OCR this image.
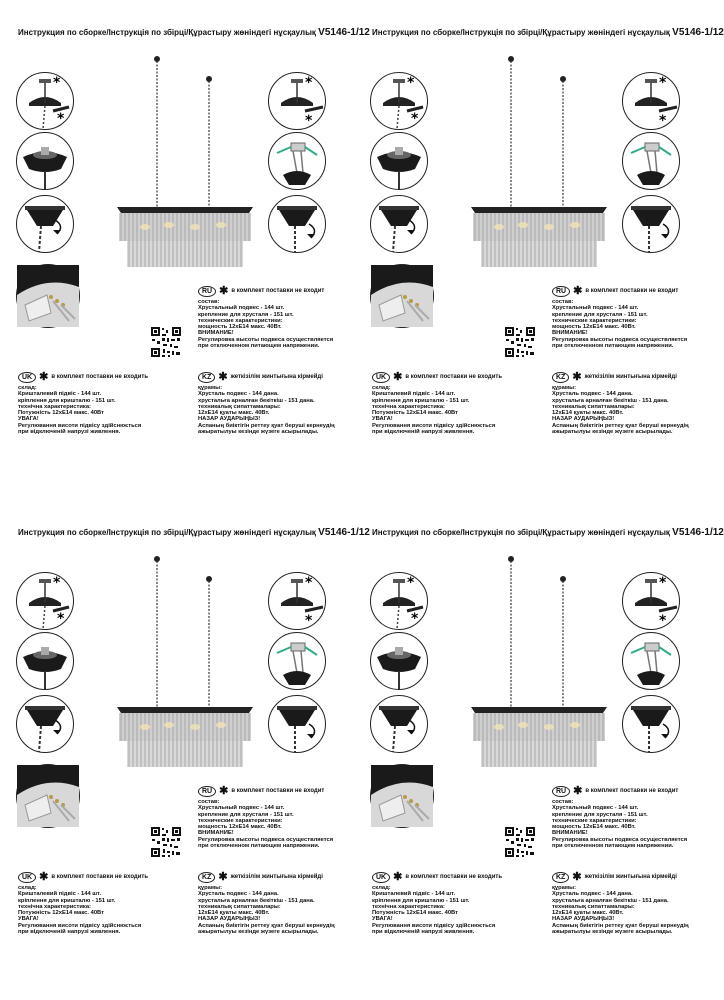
Инструкция по сборке/Інструкція по збірці/Құрастыру жөніндегі нұсқаулық V5146-1/12
*
*
*
*
RU ✱ в комплект поставки не входит
состав:
Хрустальный подвес - 144 шт.
крепление для хрусталя - 151 шт.
технические характеристики:
мощность 12хЕ14 макс. 40Вт.
ВНИМАНИЕ!
Регулировка высоты подвеса осуществляется
при отключенном питающем напряжении.
UK ✱ в комплект поставки не входить
склад:
Кришталевий підвіс - 144 шт.
кріплення для кришталю - 151 шт.
технічна характеристика:
Потужність 12хЕ14 макс. 40Вт
УВАГА!
Регулювання висоти підвісу здійснюється
при відключеній напрузі живлення.
KZ ✱ жеткізілім жинтығына кірмейді
құрамы:
Хрусталь подвес - 144 дана.
хрустальға арналған бекіткіш - 151 дана.
техникалық сипаттамалары:
12хЕ14 қуаты макс. 40Вт.
НАЗАР АУДАРЫҢЫЗ!
Аспаның биіктігін реттеу қуат беруші кернеудің
ажыратылуы кезінде жүзеге асырылады.
Инструкция по сборке/Інструкція по збірці/Құрастыру жөніндегі нұсқаулық V5146-1/12
*
*
*
*
RU ✱ в комплект поставки не входит
состав:
Хрустальный подвес - 144 шт.
крепление для хрусталя - 151 шт.
технические характеристики:
мощность 12хЕ14 макс. 40Вт.
ВНИМАНИЕ!
Регулировка высоты подвеса осуществляется
при отключенном питающем напряжении.
UK ✱ в комплект поставки не входить
склад:
Кришталевий підвіс - 144 шт.
кріплення для кришталю - 151 шт.
технічна характеристика:
Потужність 12хЕ14 макс. 40Вт
УВАГА!
Регулювання висоти підвісу здійснюється
при відключеній напрузі живлення.
KZ ✱ жеткізілім жинтығына кірмейді
құрамы:
Хрусталь подвес - 144 дана.
хрустальға арналған бекіткіш - 151 дана.
техникалық сипаттамалары:
12хЕ14 қуаты макс. 40Вт.
НАЗАР АУДАРЫҢЫЗ!
Аспаның биіктігін реттеу қуат беруші кернеудің
ажыратылуы кезінде жүзеге асырылады.
Инструкция по сборке/Інструкція по збірці/Құрастыру жөніндегі нұсқаулық V5146-1/12
*
*
*
*
RU ✱ в комплект поставки не входит
состав:
Хрустальный подвес - 144 шт.
крепление для хрусталя - 151 шт.
технические характеристики:
мощность 12хЕ14 макс. 40Вт.
ВНИМАНИЕ!
Регулировка высоты подвеса осуществляется
при отключенном питающем напряжении.
UK ✱ в комплект поставки не входить
склад:
Кришталевий підвіс - 144 шт.
кріплення для кришталю - 151 шт.
технічна характеристика:
Потужність 12хЕ14 макс. 40Вт
УВАГА!
Регулювання висоти підвісу здійснюється
при відключеній напрузі живлення.
KZ ✱ жеткізілім жинтығына кірмейді
құрамы:
Хрусталь подвес - 144 дана.
хрустальға арналған бекіткіш - 151 дана.
техникалық сипаттамалары:
12хЕ14 қуаты макс. 40Вт.
НАЗАР АУДАРЫҢЫЗ!
Аспаның биіктігін реттеу қуат беруші кернеудің
ажыратылуы кезінде жүзеге асырылады.
Инструкция по сборке/Інструкція по збірці/Құрастыру жөніндегі нұсқаулық V5146-1/12
*
*
*
*
RU ✱ в комплект поставки не входит
состав:
Хрустальный подвес - 144 шт.
крепление для хрусталя - 151 шт.
технические характеристики:
мощность 12хЕ14 макс. 40Вт.
ВНИМАНИЕ!
Регулировка высоты подвеса осуществляется
при отключенном питающем напряжении.
UK ✱ в комплект поставки не входить
склад:
Кришталевий підвіс - 144 шт.
кріплення для кришталю - 151 шт.
технічна характеристика:
Потужність 12хЕ14 макс. 40Вт
УВАГА!
Регулювання висоти підвісу здійснюється
при відключеній напрузі живлення.
KZ ✱ жеткізілім жинтығына кірмейді
құрамы:
Хрусталь подвес - 144 дана.
хрустальға арналған бекіткіш - 151 дана.
техникалық сипаттамалары:
12хЕ14 қуаты макс. 40Вт.
НАЗАР АУДАРЫҢЫЗ!
Аспаның биіктігін реттеу қуат беруші кернеудің
ажыратылуы кезінде жүзеге асырылады.
